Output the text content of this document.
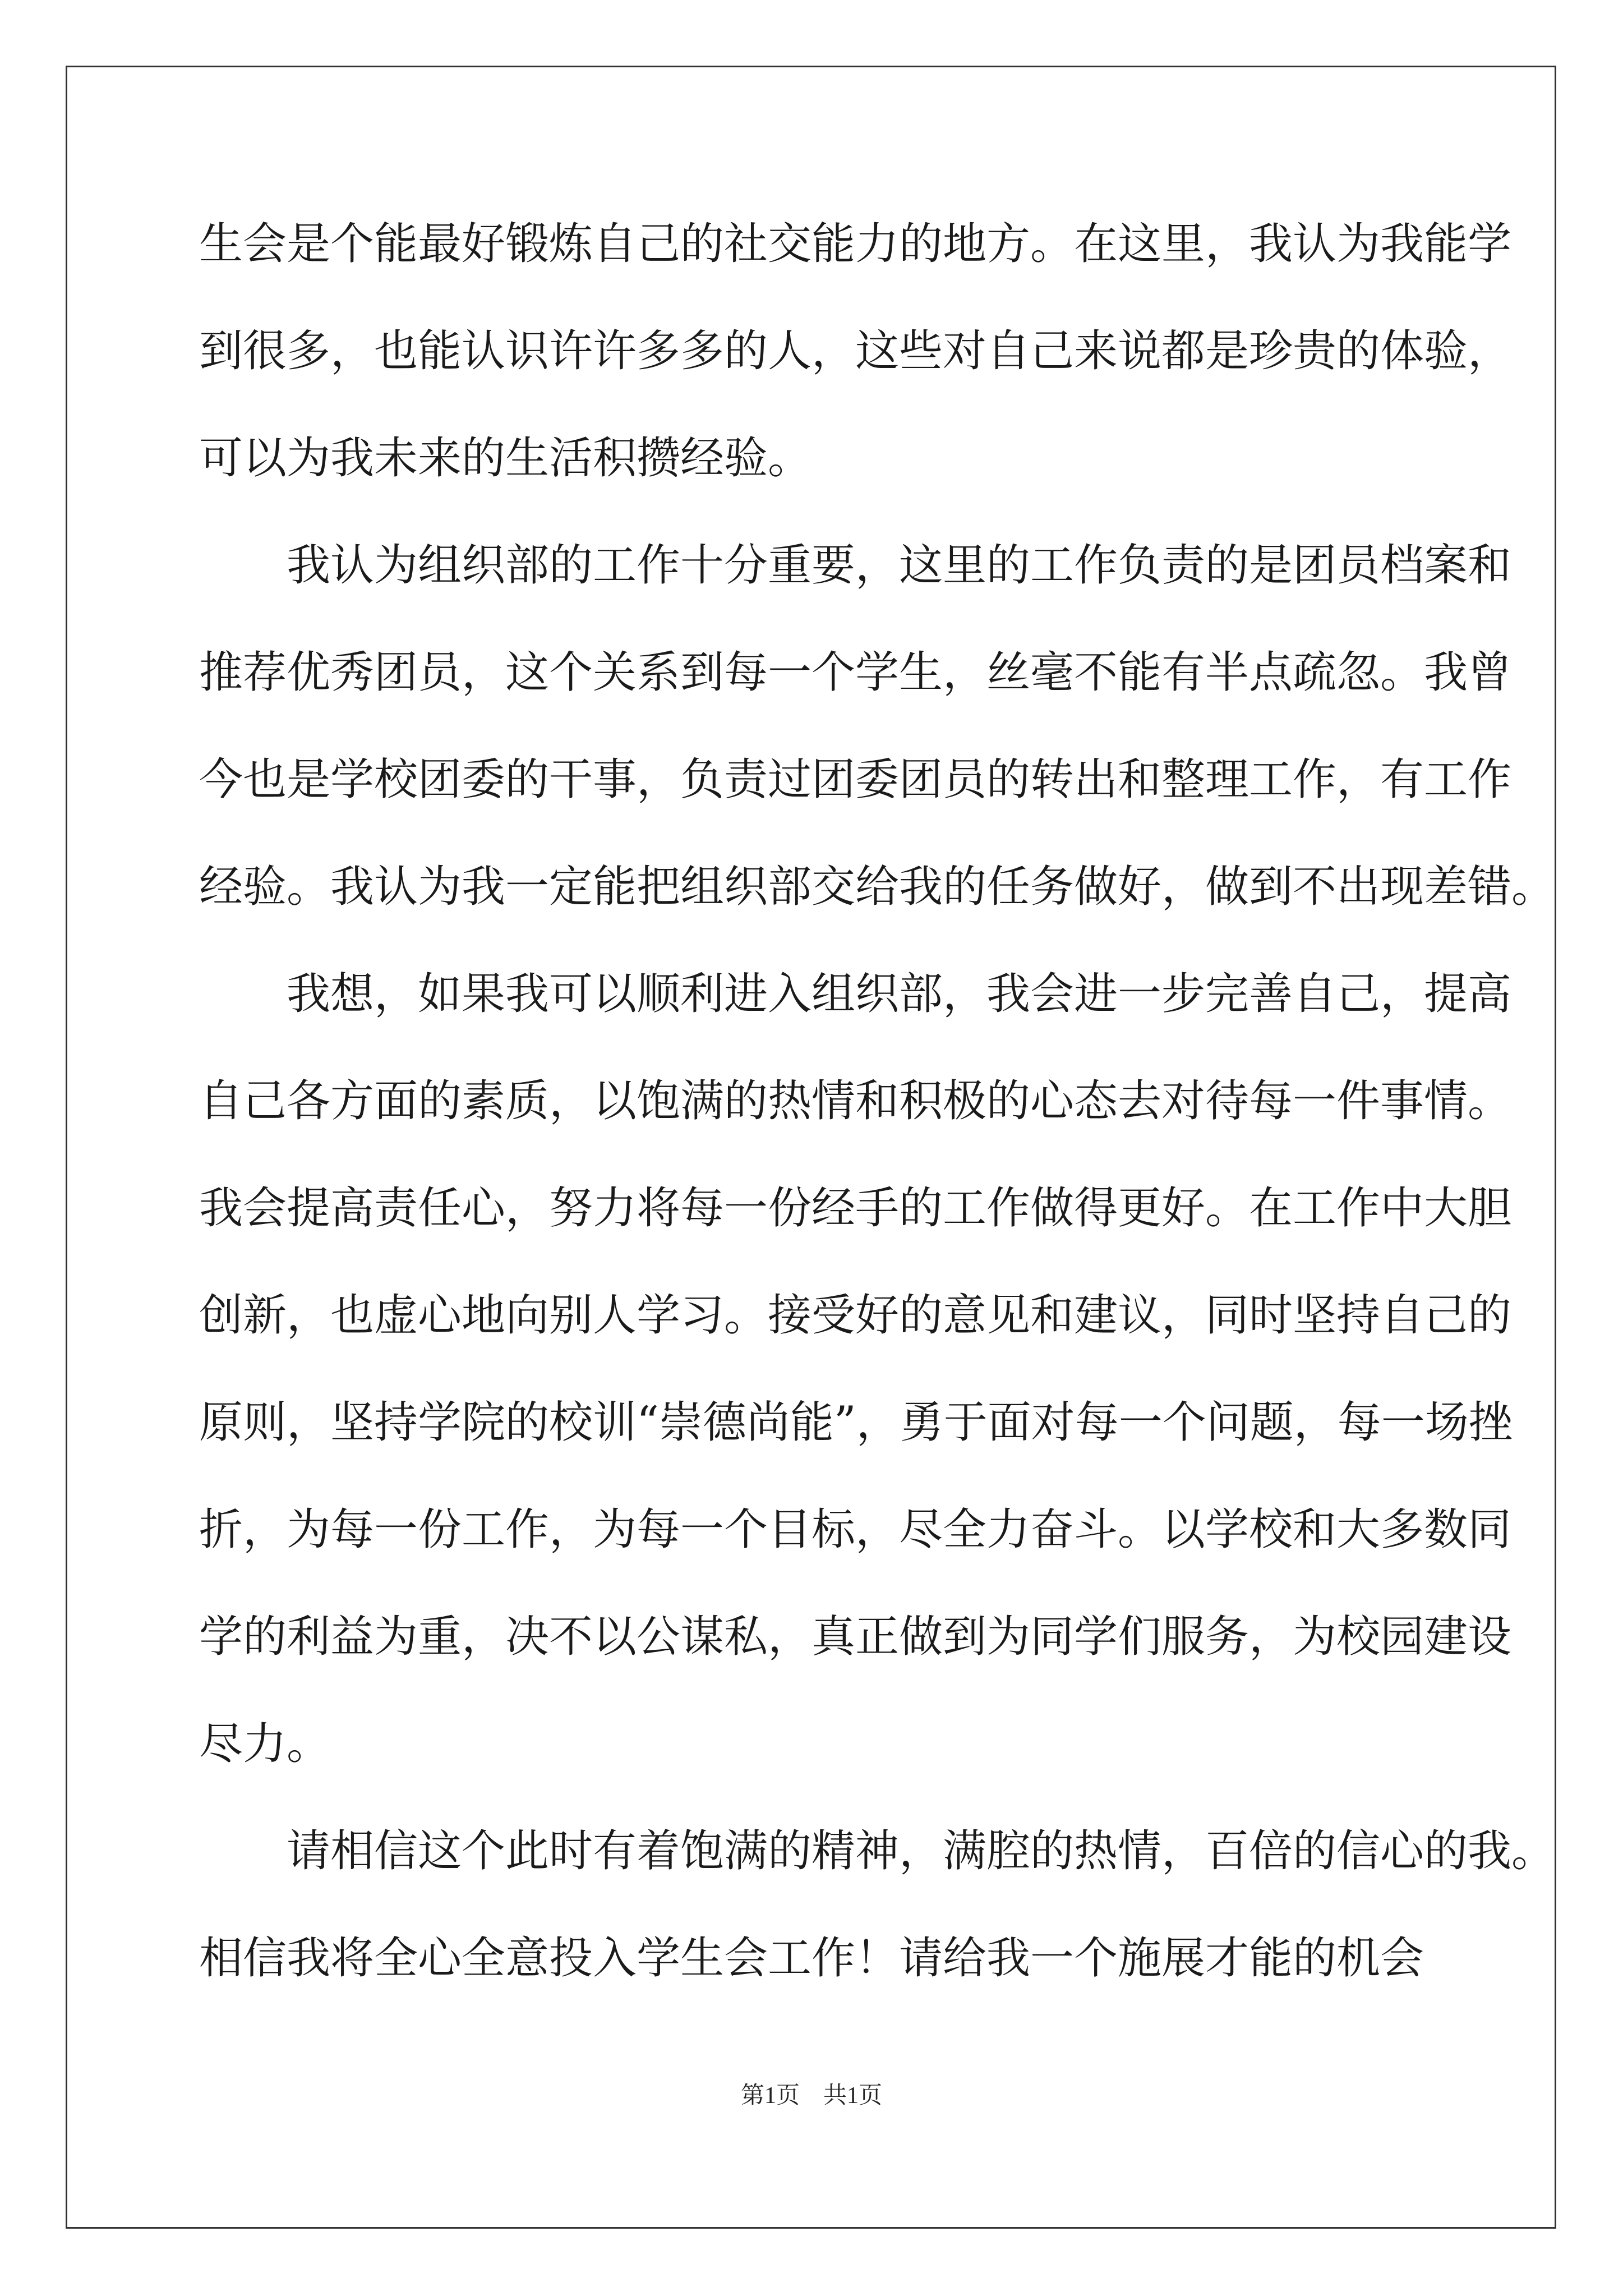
生会是个能最好锻炼自己的社交能力的地方。在这里，我认为我能学
到很多，也能认识许许多多的人，这些对自己来说都是珍贵的体验，
可以为我未来的生活积攒经验。
　　我认为组织部的工作十分重要，这里的工作负责的是团员档案和
推荐优秀团员，这个关系到每一个学生，丝毫不能有半点疏忽。我曾
今也是学校团委的干事，负责过团委团员的转出和整理工作，有工作
经验。我认为我一定能把组织部交给我的任务做好，做到不出现差错。
　　我想，如果我可以顺利进入组织部，我会进一步完善自己，提高
自己各方面的素质，以饱满的热情和积极的心态去对待每一件事情。
我会提高责任心，努力将每一份经手的工作做得更好。在工作中大胆
创新，也虚心地向别人学习。接受好的意见和建议，同时坚持自己的
原则，坚持学院的校训“崇德尚能”，勇于面对每一个问题，每一场挫
折，为每一份工作，为每一个目标，尽全力奋斗。以学校和大多数同
学的利益为重，决不以公谋私，真正做到为同学们服务，为校园建设
尽力。
　　请相信这个此时有着饱满的精神，满腔的热情，百倍的信心的我。
相信我将全心全意投入学生会工作！请给我一个施展才能的机会
第1页　共1页
